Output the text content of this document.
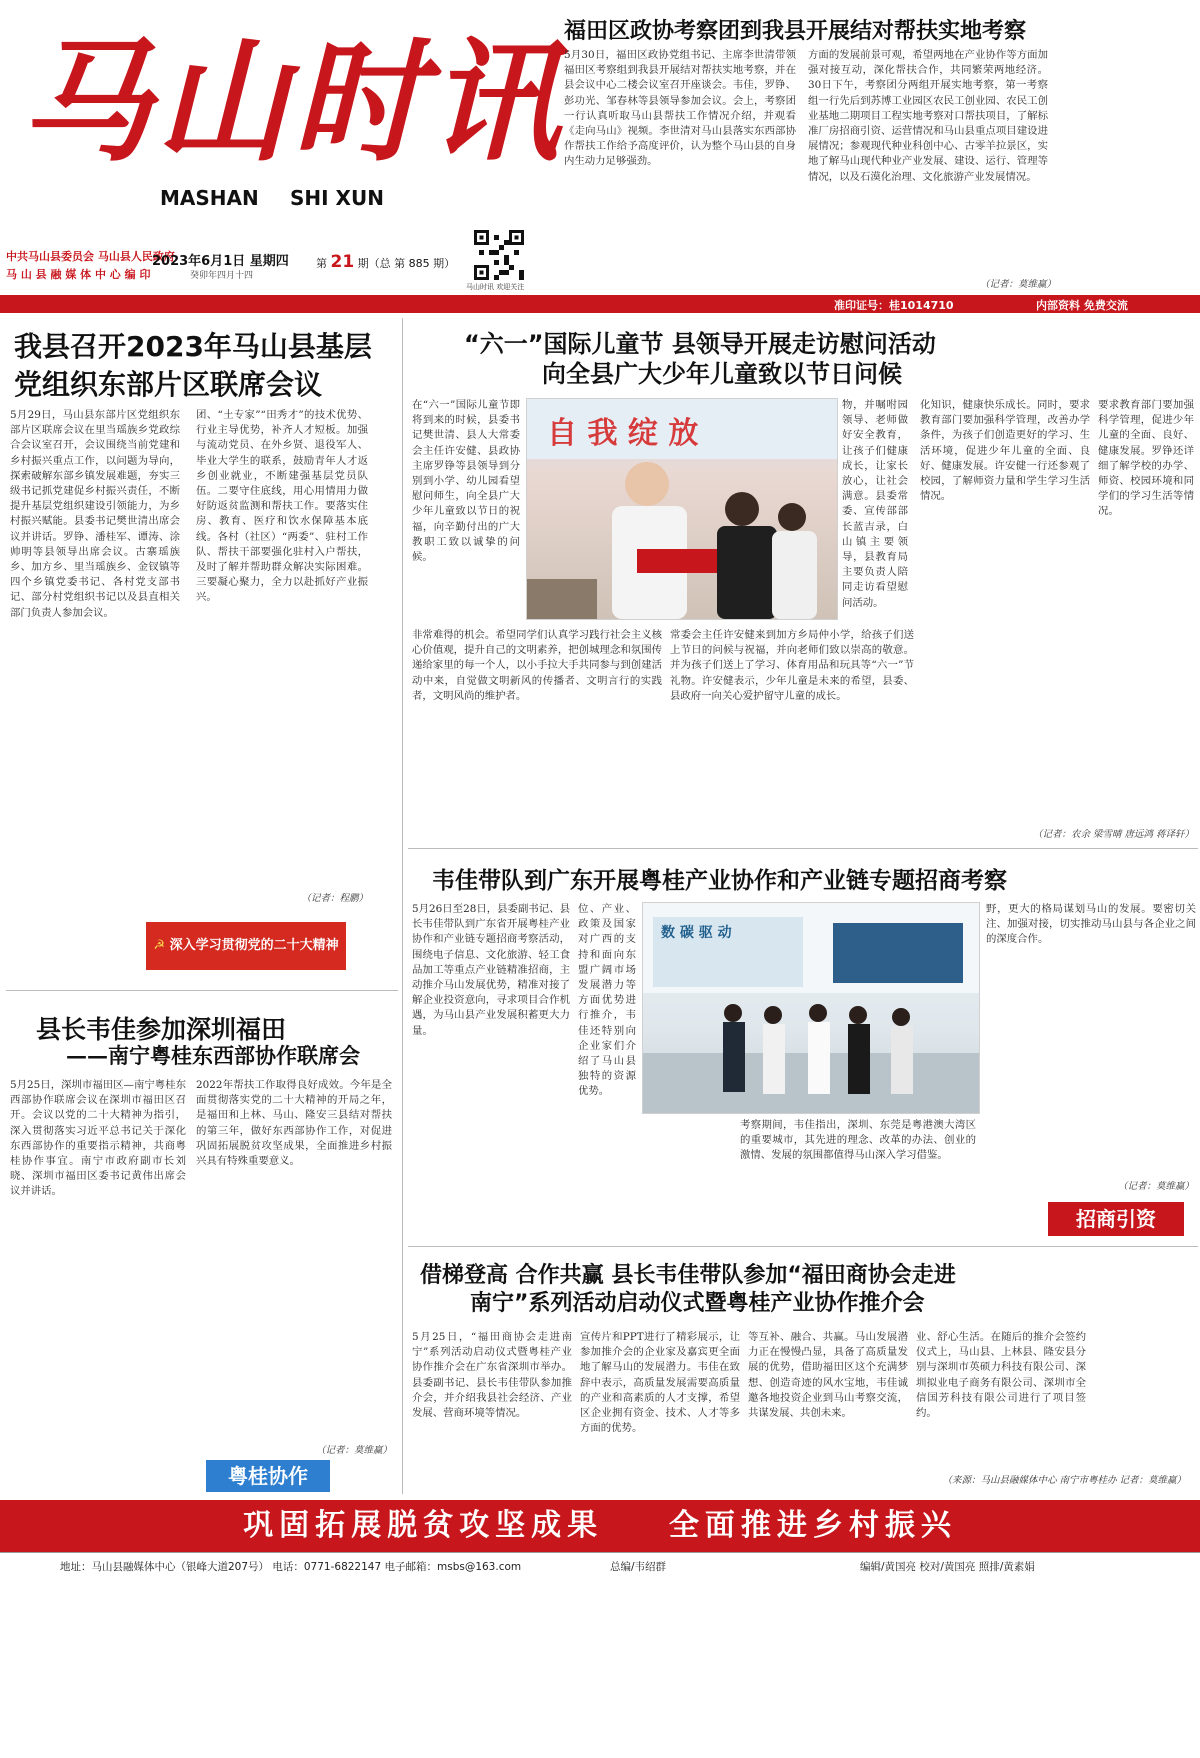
马山时讯
MASHAN SHI XUN
中共马山县委员会 马山县人民政府
马 山 县 融 媒 体 中 心 编 印
2023年6月1日 星期四
癸卯年四月十四
第 21 期（总 第 885 期）
马山时讯 欢迎关注
福田区政协考察团到我县开展结对帮扶实地考察
5月30日，福田区政协党组书记、主席李世清带领福田区考察组到我县开展结对帮扶实地考察，并在县会议中心二楼会议室召开座谈会。韦佳，罗铮、彭功光、邹春林等县领导参加会议。会上，考察团一行认真听取马山县帮扶工作情况介绍，并观看《走向马山》视频。李世清对马山县落实东西部协作帮扶工作给予高度评价，认为整个马山县的自身内生动力足够强劲。
方面的发展前景可观，希望两地在产业协作等方面加强对接互动，深化帮扶合作，共同繁荣两地经济。30日下午，考察团分两组开展实地考察，第一考察组一行先后到苏博工业园区农民工创业园、农民工创业基地二期项目工程实地考察对口帮扶项目，了解标准厂房招商引资、运营情况和马山县重点项目建设进展情况；参观现代种业科创中心、古零羊拉景区，实地了解马山现代种业产业发展、建设、运行、管理等情况，以及石漠化治理、文化旅游产业发展情况。
（记者：莫维赢）
准印证号：桂1014710	内部资料 免费交流
我县召开2023年马山县基层党组织东部片区联席会议
5月29日，马山县东部片区党组织东部片区联席会议在里当瑶族乡党政综合会议室召开，会议围绕当前党建和乡村振兴重点工作，以问题为导向，探索破解东部乡镇发展难题，夯实三级书记抓党建促乡村振兴责任，不断提升基层党组织建设引领能力，为乡村振兴赋能。县委书记樊世清出席会议并讲话。罗铮、潘桂军、谭涛、涂帅明等县领导出席会议。古寨瑶族乡、加方乡、里当瑶族乡、金钗镇等四个乡镇党委书记、各村党支部书记、部分村党组织书记以及县直相关部门负责人参加会议。
团、“土专家”“田秀才”的技术优势、行业主导优势，补齐人才短板。加强与流动党员、在外乡贤、退役军人、毕业大学生的联系，鼓励青年人才返乡创业就业，不断建强基层党员队伍。二要守住底线，用心用情用力做好防返贫监测和帮扶工作。要落实住房、教育、医疗和饮水保障基本底线。各村（社区）“两委”、驻村工作队、帮扶干部要强化驻村入户帮扶，及时了解并帮助群众解决实际困难。三要凝心聚力，全力以赴抓好产业振兴。
（记者：程鹏）
☭ 深入学习贯彻党的二十大精神
“六一”国际儿童节 县领导开展走访慰问活动
向全县广大少年儿童致以节日问候
在“六一”国际儿童节即将到来的时候，县委书记樊世清、县人大常委会主任许安健、县政协主席罗铮等县领导到分别到小学、幼儿园看望慰问师生，向全县广大少年儿童致以节日的祝福，向辛勤付出的广大教职工致以诚挚的问候。
自 我 绽 放
物，并嘱咐园领导、老师做好安全教育，让孩子们健康成长，让家长放心，让社会满意。县委常委、宣传部部长蓝吉录，白山镇主要领导，县教育局主要负责人陪同走访看望慰问活动。
化知识，健康快乐成长。同时，要求教育部门要加强科学管理，改善办学条件，为孩子们创造更好的学习、生活环境，促进少年儿童的全面、良好、健康发展。许安健一行还参观了校园，了解师资力量和学生学习生活情况。
非常难得的机会。希望同学们认真学习践行社会主义核心价值观，提升自己的文明素养，把创城理念和氛围传递给家里的每一个人，以小手拉大手共同参与到创建活动中来，自觉做文明新风的传播者、文明言行的实践者，文明风尚的维护者。
常委会主任许安健来到加方乡局仲小学，给孩子们送上节日的问候与祝福，并向老师们致以崇高的敬意。并为孩子们送上了学习、体育用品和玩具等“六一”节礼物。许安健表示，少年儿童是未来的希望，县委、县政府一向关心爱护留守儿童的成长。
要求教育部门要加强科学管理，促进少年儿童的全面、良好、健康发展。罗铮还详细了解学校的办学、师资、校园环境和同学们的学习生活等情况。
（记者：农余 梁雪晴 唐远鸿 蒋译轩）
韦佳带队到广东开展粤桂产业协作和产业链专题招商考察
5月26日至28日，县委副书记、县长韦佳带队到广东省开展粤桂产业协作和产业链专题招商考察活动，围绕电子信息、文化旅游、轻工食品加工等重点产业链精准招商，主动推介马山发展优势，精准对接了解企业投资意向，寻求项目合作机遇，为马山县产业发展积蓄更大力量。
位、产业、政策及国家对广西的支持和面向东盟广阔市场发展潜力等方面优势进行推介，韦佳还特别向企业家们介绍了马山县独特的资源优势。
数 碳 驱 动
考察期间，韦佳指出，深圳、东莞是粤港澳大湾区的重要城市，其先进的理念、改革的办法、创业的激情、发展的氛围都值得马山深入学习借鉴。
野，更大的格局谋划马山的发展。要密切关注、加强对接，切实推动马山县与各企业之间的深度合作。
（记者：莫维赢）
招商引资
县长韦佳参加深圳福田
——南宁粤桂东西部协作联席会
5月25日，深圳市福田区—南宁粤桂东西部协作联席会议在深圳市福田区召开。会议以党的二十大精神为指引，深入贯彻落实习近平总书记关于深化东西部协作的重要指示精神，共商粤桂协作事宜。南宁市政府副市长刘晓、深圳市福田区委书记黄伟出席会议并讲话。
2022年帮扶工作取得良好成效。今年是全面贯彻落实党的二十大精神的开局之年，是福田和上林、马山、隆安三县结对帮扶的第三年，做好东西部协作工作，对促进巩固拓展脱贫攻坚成果，全面推进乡村振兴具有特殊重要意义。
（记者：莫维赢）
粤桂协作
借梯登高 合作共赢 县长韦佳带队参加“福田商协会走进
南宁”系列活动启动仪式暨粤桂产业协作推介会
5月25日，“福田商协会走进南宁”系列活动启动仪式暨粤桂产业协作推介会在广东省深圳市举办。县委副书记、县长韦佳带队参加推介会，并介绍我县社会经济、产业发展、营商环境等情况。
宣传片和PPT进行了精彩展示，让参加推介会的企业家及嘉宾更全面地了解马山的发展潜力。韦佳在致辞中表示，高质量发展需要高质量的产业和高素质的人才支撑，希望区企业拥有资金、技术、人才等多方面的优势。
等互补、融合、共赢。马山发展潜力正在慢慢凸显，具备了高质量发展的优势，借助福田区这个充满梦想、创造奇迹的风水宝地，韦佳诚邀各地投资企业到马山考察交流，共谋发展、共创未来。
业、舒心生活。在随后的推介会签约仪式上，马山县、上林县、隆安县分别与深圳市英硕力科技有限公司、深圳拟业电子商务有限公司、深圳市全信国芳科技有限公司进行了项目签约。
（来源：马山县融媒体中心 南宁市粤桂办 记者：莫维赢）
巩固拓展脱贫攻坚成果    全面推进乡村振兴
地址：马山县融媒体中心（银峰大道207号） 电话：0771-6822147 电子邮箱：msbs@163.com	总编/韦绍群	编辑/黄国亮 校对/黄国亮 照排/黄素娟
